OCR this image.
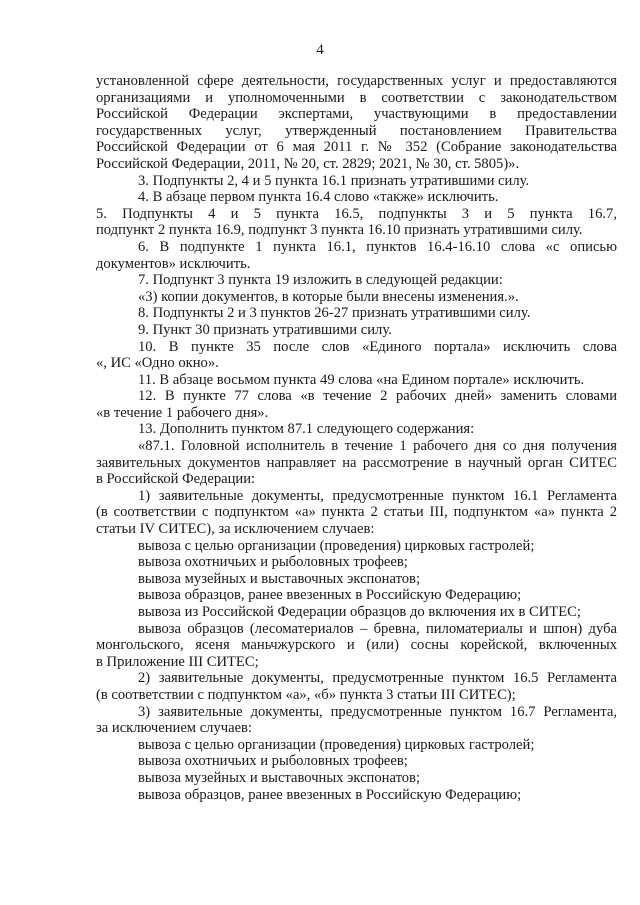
4
установленной сфере деятельности, государственных услуг и предоставляются
организациями и уполномоченными в соответствии с законодательством
Российской Федерации экспертами, участвующими в предоставлении
государственных услуг, утвержденный постановлением Правительства
Российской Федерации от 6 мая 2011 г. № 352 (Собрание законодательства
Российской Федерации, 2011, № 20, ст. 2829; 2021, № 30, ст. 5805)».
3. Подпункты 2, 4 и 5 пункта 16.1 признать утратившими силу.
4. В абзаце первом пункта 16.4 слово «также» исключить.
5. Подпункты 4 и 5 пункта 16.5, подпункты 3 и 5 пункта 16.7,
подпункт 2 пункта 16.9, подпункт 3 пункта 16.10 признать утратившими силу.
6. В подпункте 1 пункта 16.1, пунктов 16.4-16.10 слова «с описью
документов» исключить.
7. Подпункт 3 пункта 19 изложить в следующей редакции:
«3) копии документов, в которые были внесены изменения.».
8. Подпункты 2 и 3 пунктов 26-27 признать утратившими силу.
9. Пункт 30 признать утратившими силу.
10. В пункте 35 после слов «Единого портала» исключить слова
«, ИС «Одно окно».
11. В абзаце восьмом пункта 49 слова «на Едином портале» исключить.
12. В пункте 77 слова «в течение 2 рабочих дней» заменить словами
«в течение 1 рабочего дня».
13. Дополнить пунктом 87.1 следующего содержания:
«87.1. Головной исполнитель в течение 1 рабочего дня со дня получения
заявительных документов направляет на рассмотрение в научный орган СИТЕС
в Российской Федерации:
1) заявительные документы, предусмотренные пунктом 16.1 Регламента
(в соответствии с подпунктом «а» пункта 2 статьи III, подпунктом «а» пункта 2
статьи IV СИТЕС), за исключением случаев:
вывоза с целью организации (проведения) цирковых гастролей;
вывоза охотничьих и рыболовных трофеев;
вывоза музейных и выставочных экспонатов;
вывоза образцов, ранее ввезенных в Российскую Федерацию;
вывоза из Российской Федерации образцов до включения их в СИТЕС;
вывоза образцов (лесоматериалов – бревна, пиломатериалы и шпон) дуба
монгольского, ясеня маньчжурского и (или) сосны корейской, включенных
в Приложение III СИТЕС;
2) заявительные документы, предусмотренные пунктом 16.5 Регламента
(в соответствии с подпунктом «а», «б» пункта 3 статьи III СИТЕС);
3) заявительные документы, предусмотренные пунктом 16.7 Регламента,
за исключением случаев:
вывоза с целью организации (проведения) цирковых гастролей;
вывоза охотничьих и рыболовных трофеев;
вывоза музейных и выставочных экспонатов;
вывоза образцов, ранее ввезенных в Российскую Федерацию;
